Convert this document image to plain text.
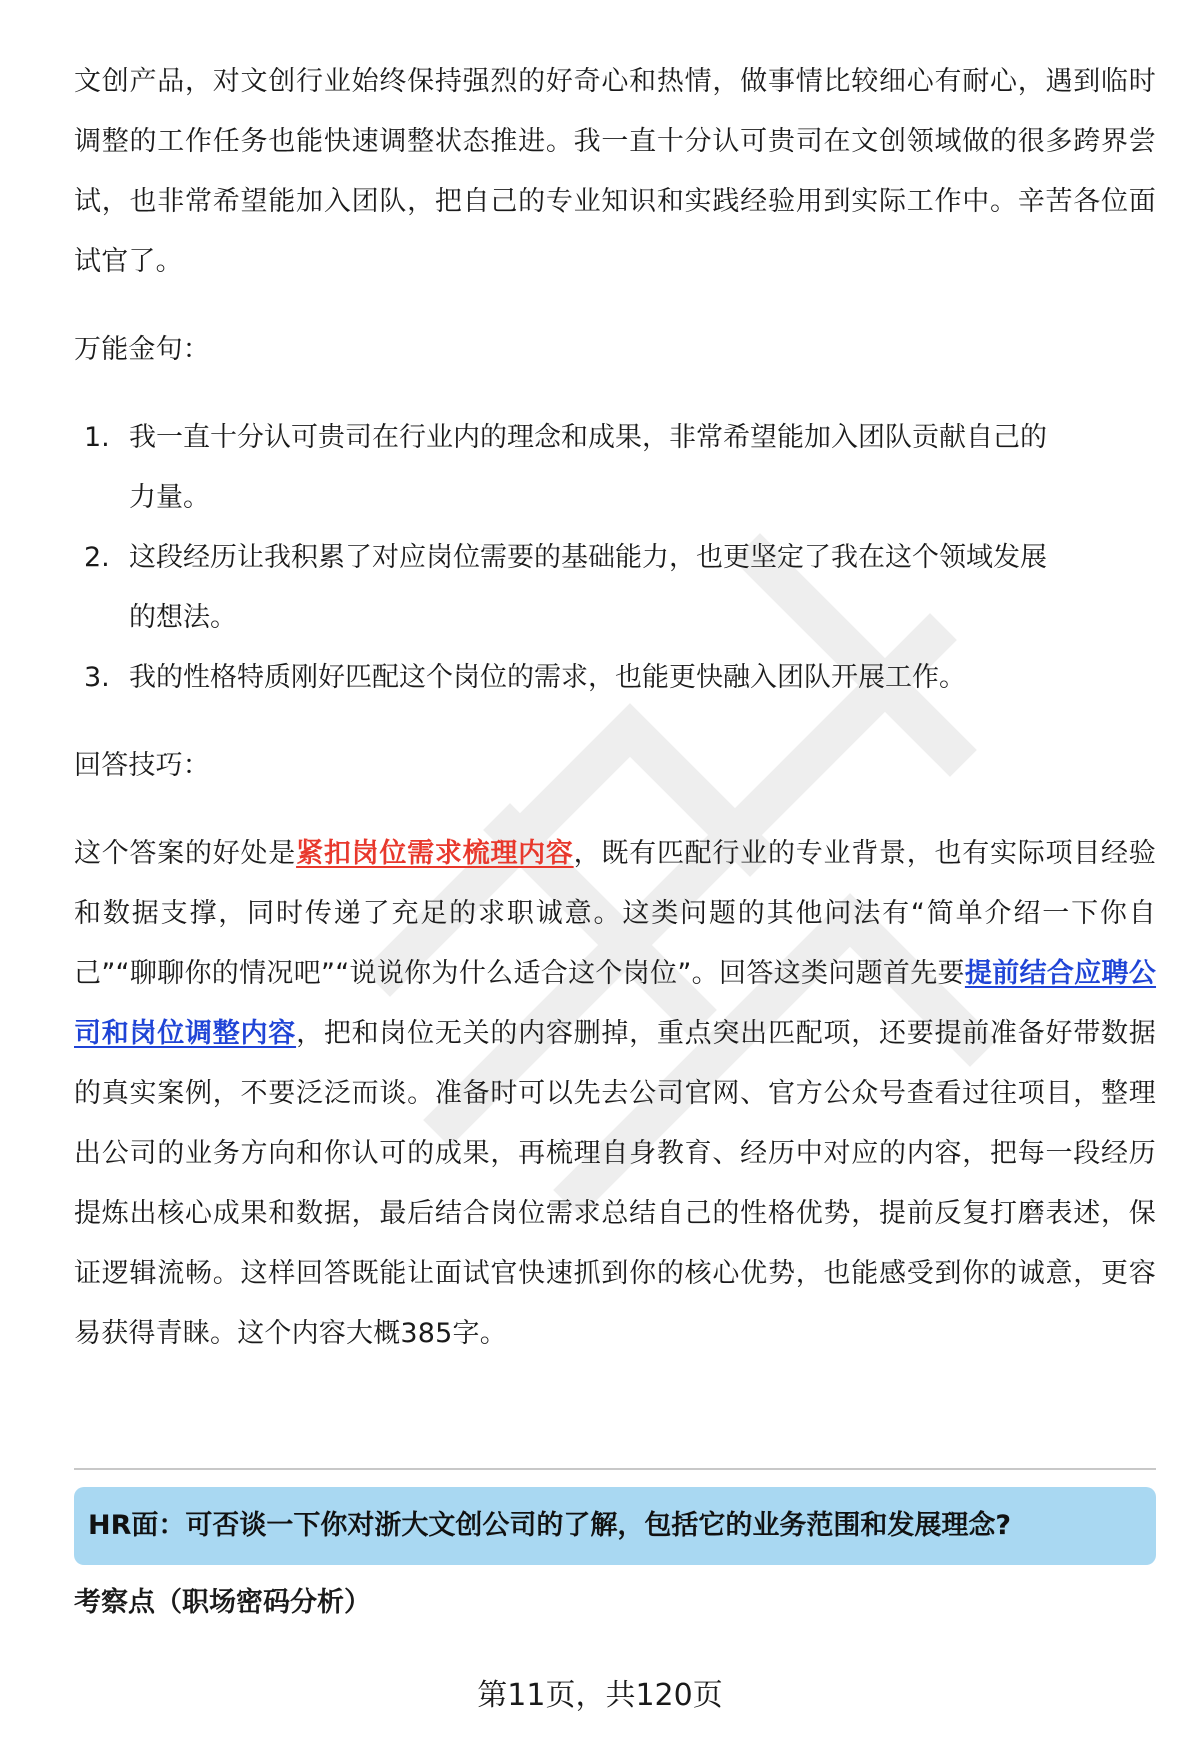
文创产品，对文创行业始终保持强烈的好奇心和热情，做事情比较细心有耐心，遇到临时调整的工作任务也能快速调整状态推进。我一直十分认可贵司在文创领域做的很多跨界尝试，也非常希望能加入团队，把自己的专业知识和实践经验用到实际工作中。辛苦各位面试官了。

万能金句：

1. 我一直十分认可贵司在行业内的理念和成果，非常希望能加入团队贡献自己的
力量。
2. 这段经历让我积累了对应岗位需要的基础能力，也更坚定了我在这个领域发展
的想法。
3. 我的性格特质刚好匹配这个岗位的需求，也能更快融入团队开展工作。

回答技巧：

这个答案的好处是紧扣岗位需求梳理内容，既有匹配行业的专业背景，也有实际项目经验和数据支撑，同时传递了充足的求职诚意。这类问题的其他问法有“简单介绍一下你自己”“聊聊你的情况吧”“说说你为什么适合这个岗位”。回答这类问题首先要提前结合应聘公司和岗位调整内容，把和岗位无关的内容删掉，重点突出匹配项，还要提前准备好带数据的真实案例，不要泛泛而谈。准备时可以先去公司官网、官方公众号查看过往项目，整理出公司的业务方向和你认可的成果，再梳理自身教育、经历中对应的内容，把每一段经历提炼出核心成果和数据，最后结合岗位需求总结自己的性格优势，提前反复打磨表述，保证逻辑流畅。这样回答既能让面试官快速抓到你的核心优势，也能感受到你的诚意，更容易获得青睐。这个内容大概385字。

HR面：可否谈一下你对浙大文创公司的了解，包括它的业务范围和发展理念?
考察点（职场密码分析）
第11页，共120页
